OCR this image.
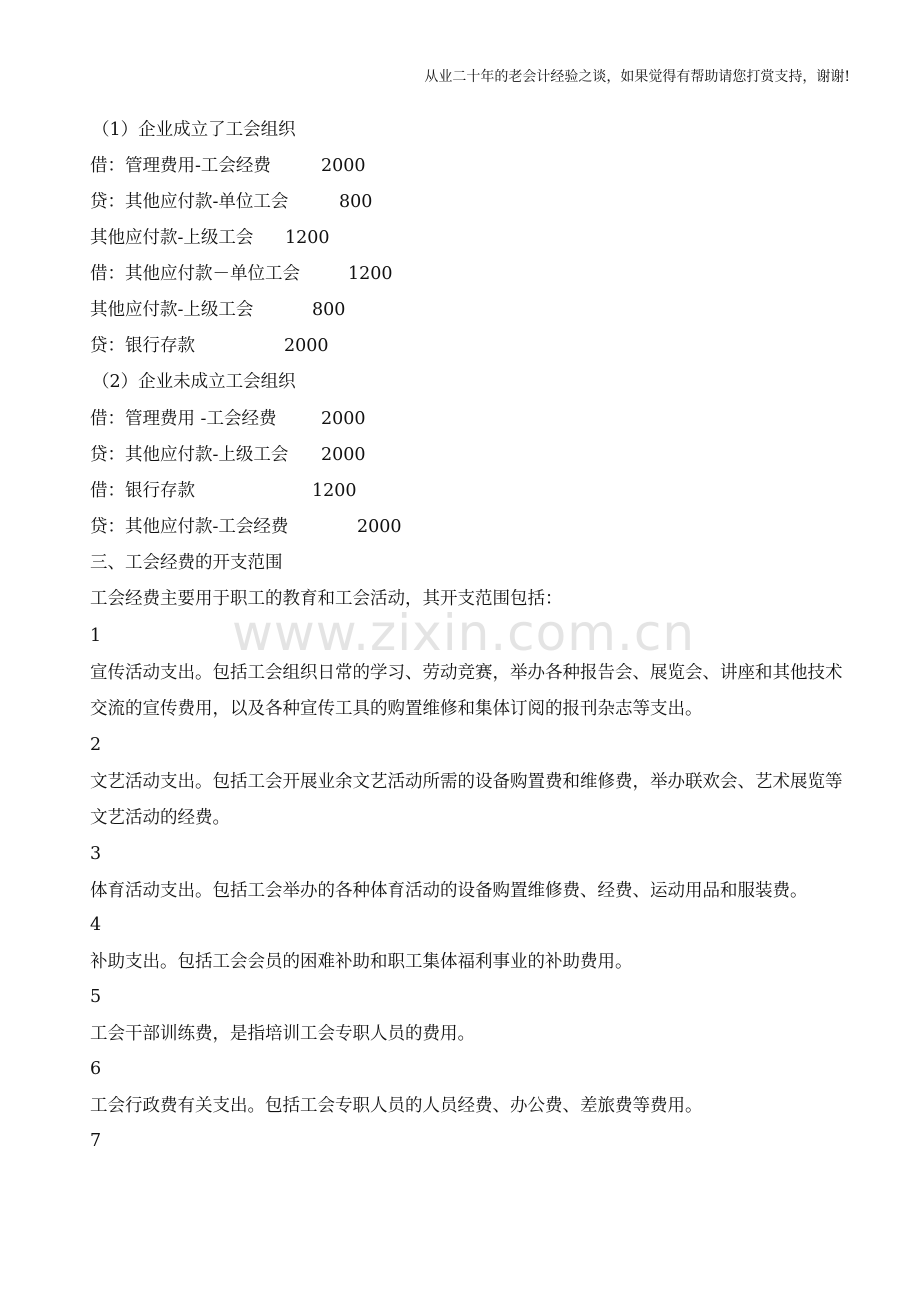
从业二十年的老会计经验之谈，如果觉得有帮助请您打赏支持，谢谢!
www.zixin.com.cn
（1）企业成立了工会组织
借：管理费用-工会经费	2000
贷：其他应付款-单位工会	800
其他应付款-上级工会 1200
借：其他应付款－单位工会	1200
其他应付款-上级工会	800
贷：银行存款	2000
（2）企业未成立工会组织
借：管理费用 -工会经费	2000
贷：其他应付款-上级工会 2000
借：银行存款	1200
贷：其他应付款-工会经费	2000
三、工会经费的开支范围
工会经费主要用于职工的教育和工会活动，其开支范围包括：
1
宣传活动支出。包括工会组织日常的学习、劳动竞赛，举办各种报告会、展览会、讲座和其他技术交流的宣传费用，以及各种宣传工具的购置维修和集体订阅的报刊杂志等支出。
2
文艺活动支出。包括工会开展业余文艺活动所需的设备购置费和维修费，举办联欢会、艺术展览等文艺活动的经费。
3
体育活动支出。包括工会举办的各种体育活动的设备购置维修费、经费、运动用品和服装费。
4
补助支出。包括工会会员的困难补助和职工集体福利事业的补助费用。
5
工会干部训练费，是指培训工会专职人员的费用。
6
工会行政费有关支出。包括工会专职人员的人员经费、办公费、差旅费等费用。
7
